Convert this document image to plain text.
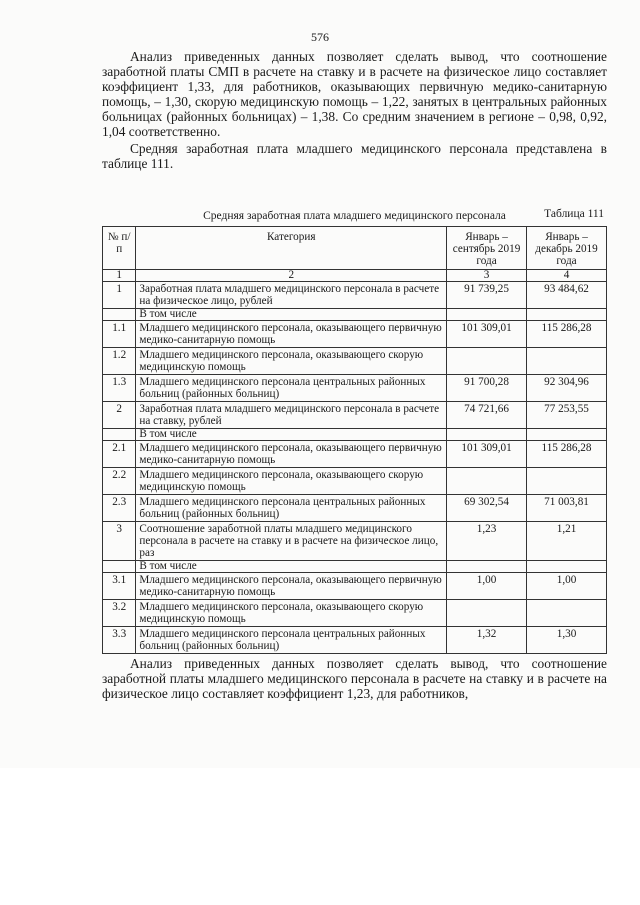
576

Анализ приведенных данных позволяет сделать вывод, что соотношение заработной платы СМП в расчете на ставку и в расчете на физическое лицо составляет коэффициент 1,33, для работников, оказывающих первичную медико-санитарную помощь, – 1,30, скорую медицинскую помощь – 1,22, занятых в центральных районных больницах (районных больницах) – 1,38. Со средним значением в регионе – 0,98, 0,92, 1,04 соответственно.

Средняя заработная плата младшего медицинского персонала представлена в таблице 111.

Таблица 111
Средняя заработная плата младшего медицинского персонала
№ п/п	Категория	Январь – сентябрь 2019 года	Январь – декабрь 2019 года
1	2	3	4
1	Заработная плата младшего медицинского персонала в расчете на физическое лицо, рублей	91 739,25	93 484,62
	В том числе		
1.1	Младшего медицинского персонала, оказывающего первичную медико-санитарную помощь	101 309,01	115 286,28
1.2	Младшего медицинского персонала, оказывающего скорую медицинскую помощь		
1.3	Младшего медицинского персонала центральных районных больниц (районных больниц)	91 700,28	92 304,96
2	Заработная плата младшего медицинского персонала в расчете на ставку, рублей	74 721,66	77 253,55
	В том числе		
2.1	Младшего медицинского персонала, оказывающего первичную медико-санитарную помощь	101 309,01	115 286,28
2.2	Младшего медицинского персонала, оказывающего скорую медицинскую помощь		
2.3	Младшего медицинского персонала центральных районных больниц (районных больниц)	69 302,54	71 003,81
3	Соотношение заработной платы младшего медицинского персонала в расчете на ставку и в расчете на физическое лицо, раз	1,23	1,21
	В том числе		
3.1	Младшего медицинского персонала, оказывающего первичную медико-санитарную помощь	1,00	1,00
3.2	Младшего медицинского персонала, оказывающего скорую медицинскую помощь		
3.3	Младшего медицинского персонала центральных районных больниц (районных больниц)	1,32	1,30

Анализ приведенных данных позволяет сделать вывод, что соотношение заработной платы младшего медицинского персонала в расчете на ставку и в расчете на физическое лицо составляет коэффициент 1,23, для работников,
